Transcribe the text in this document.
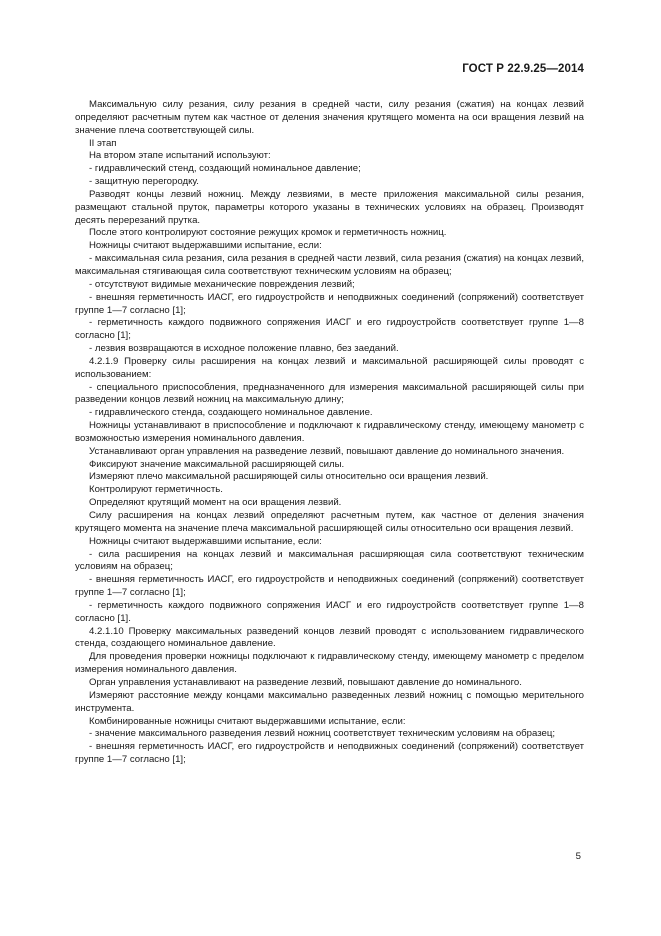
ГОСТ Р 22.9.25—2014

Максимальную силу резания, силу резания в средней части, силу резания (сжатия) на концах лезвий определяют расчетным путем как частное от деления значения крутящего момента на оси вращения лезвий на значение плеча соответствующей силы.

II этап

На втором этапе испытаний используют:

- гидравлический стенд, создающий номинальное давление;

- защитную перегородку.

Разводят концы лезвий ножниц. Между лезвиями, в месте приложения максимальной силы резания, размещают стальной пруток, параметры которого указаны в технических условиях на образец. Производят десять перерезаний прутка.

После этого контролируют состояние режущих кромок и герметичность ножниц.

Ножницы считают выдержавшими испытание, если:

- максимальная сила резания, сила резания в средней части лезвий, сила резания (сжатия) на концах лезвий, максимальная стягивающая сила соответствуют техническим условиям на образец;

- отсутствуют видимые механические повреждения лезвий;

- внешняя герметичность ИАСГ, его гидроустройств и неподвижных соединений (сопряжений) соответствует группе 1—7 согласно [1];

- герметичность каждого подвижного сопряжения ИАСГ и его гидроустройств соответствует группе 1—8 согласно [1];

- лезвия возвращаются в исходное положение плавно, без заеданий.

4.2.1.9 Проверку силы расширения на концах лезвий и максимальной расширяющей силы проводят с использованием:

- специального приспособления, предназначенного для измерения максимальной расширяющей силы при разведении концов лезвий ножниц на максимальную длину;

- гидравлического стенда, создающего номинальное давление.

Ножницы устанавливают в приспособление и подключают к гидравлическому стенду, имеющему манометр с возможностью измерения номинального давления.

Устанавливают орган управления на разведение лезвий, повышают давление до номинального значения.

Фиксируют значение максимальной расширяющей силы.

Измеряют плечо максимальной расширяющей силы относительно оси вращения лезвий.

Контролируют герметичность.

Определяют крутящий момент на оси вращения лезвий.

Силу расширения на концах лезвий определяют расчетным путем, как частное от деления значения крутящего момента на значение плеча максимальной расширяющей силы относительно оси вращения лезвий.

Ножницы считают выдержавшими испытание, если:

- сила расширения на концах лезвий и максимальная расширяющая сила соответствуют техническим условиям на образец;

- внешняя герметичность ИАСГ, его гидроустройств и неподвижных соединений (сопряжений) соответствует группе 1—7 согласно [1];

- герметичность каждого подвижного сопряжения ИАСГ и его гидроустройств соответствует группе 1—8 согласно [1].

4.2.1.10 Проверку максимальных разведений концов лезвий проводят с использованием гидравлического стенда, создающего номинальное давление.

Для проведения проверки ножницы подключают к гидравлическому стенду, имеющему манометр с пределом измерения номинального давления.

Орган управления устанавливают на разведение лезвий, повышают давление до номинального.

Измеряют расстояние между концами максимально разведенных лезвий ножниц с помощью мерительного инструмента.

Комбинированные ножницы считают выдержавшими испытание, если:

- значение максимального разведения лезвий ножниц соответствует техническим условиям на образец;

- внешняя герметичность ИАСГ, его гидроустройств и неподвижных соединений (сопряжений) соответствует группе 1—7 согласно [1];

5
